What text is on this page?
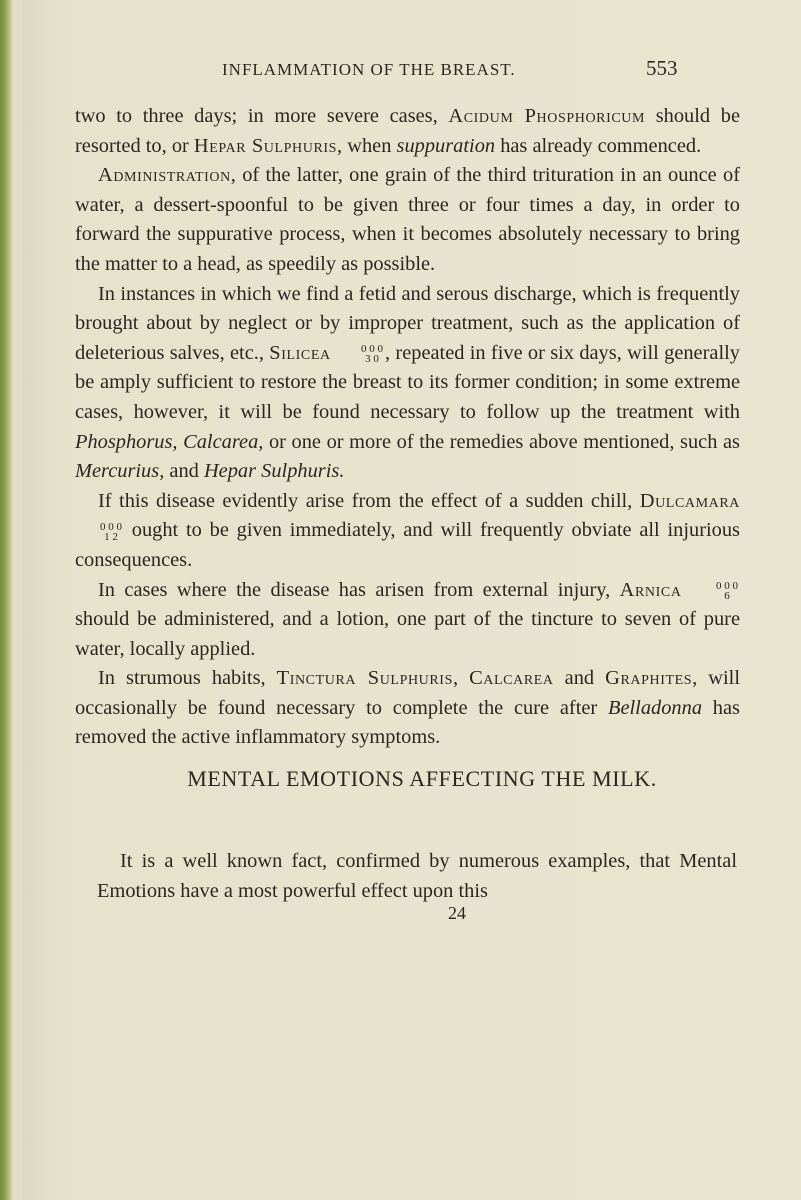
INFLAMMATION OF THE BREAST.	553

two to three days; in more severe cases, Acidum Phosphoricum should be resorted to, or Hepar Sulphuris, when suppuration has already commenced.

Administration, of the latter, one grain of the third trituration in an ounce of water, a dessert-spoonful to be given three or four times a day, in order to forward the suppurative process, when it becomes absolutely necessary to bring the matter to a head, as speedily as possible.

In instances in which we find a fetid and serous discharge, which is frequently brought about by neglect or by improper treatment, such as the application of deleterious salves, etc., Silicea	0 0 0
3 0 , repeated in five or six days, will generally be amply sufficient to restore the breast to its former condition; in some extreme cases, however, it will be found necessary to follow up the treatment with Phosphorus, Calcarea, or one or more of the remedies above mentioned, such as Mercurius, and Hepar Sulphuris.

If this disease evidently arise from the effect of a sudden chill, Dulcamara
0 0 0
1 2 ought to be given immediately, and will frequently obviate all injurious consequences.

In cases where the disease has arisen from external injury, Arnica	0 0 0
6
should be administered, and a lotion, one part of the tincture to seven of pure water, locally applied.

In strumous habits, Tinctura Sulphuris, Calcarea and Graphites, will occasionally be found necessary to complete the cure after Belladonna has removed the active inflammatory symptoms.

MENTAL EMOTIONS AFFECTING THE MILK.

It is a well known fact, confirmed by numerous examples, that Mental Emotions have a most powerful effect upon this

24
